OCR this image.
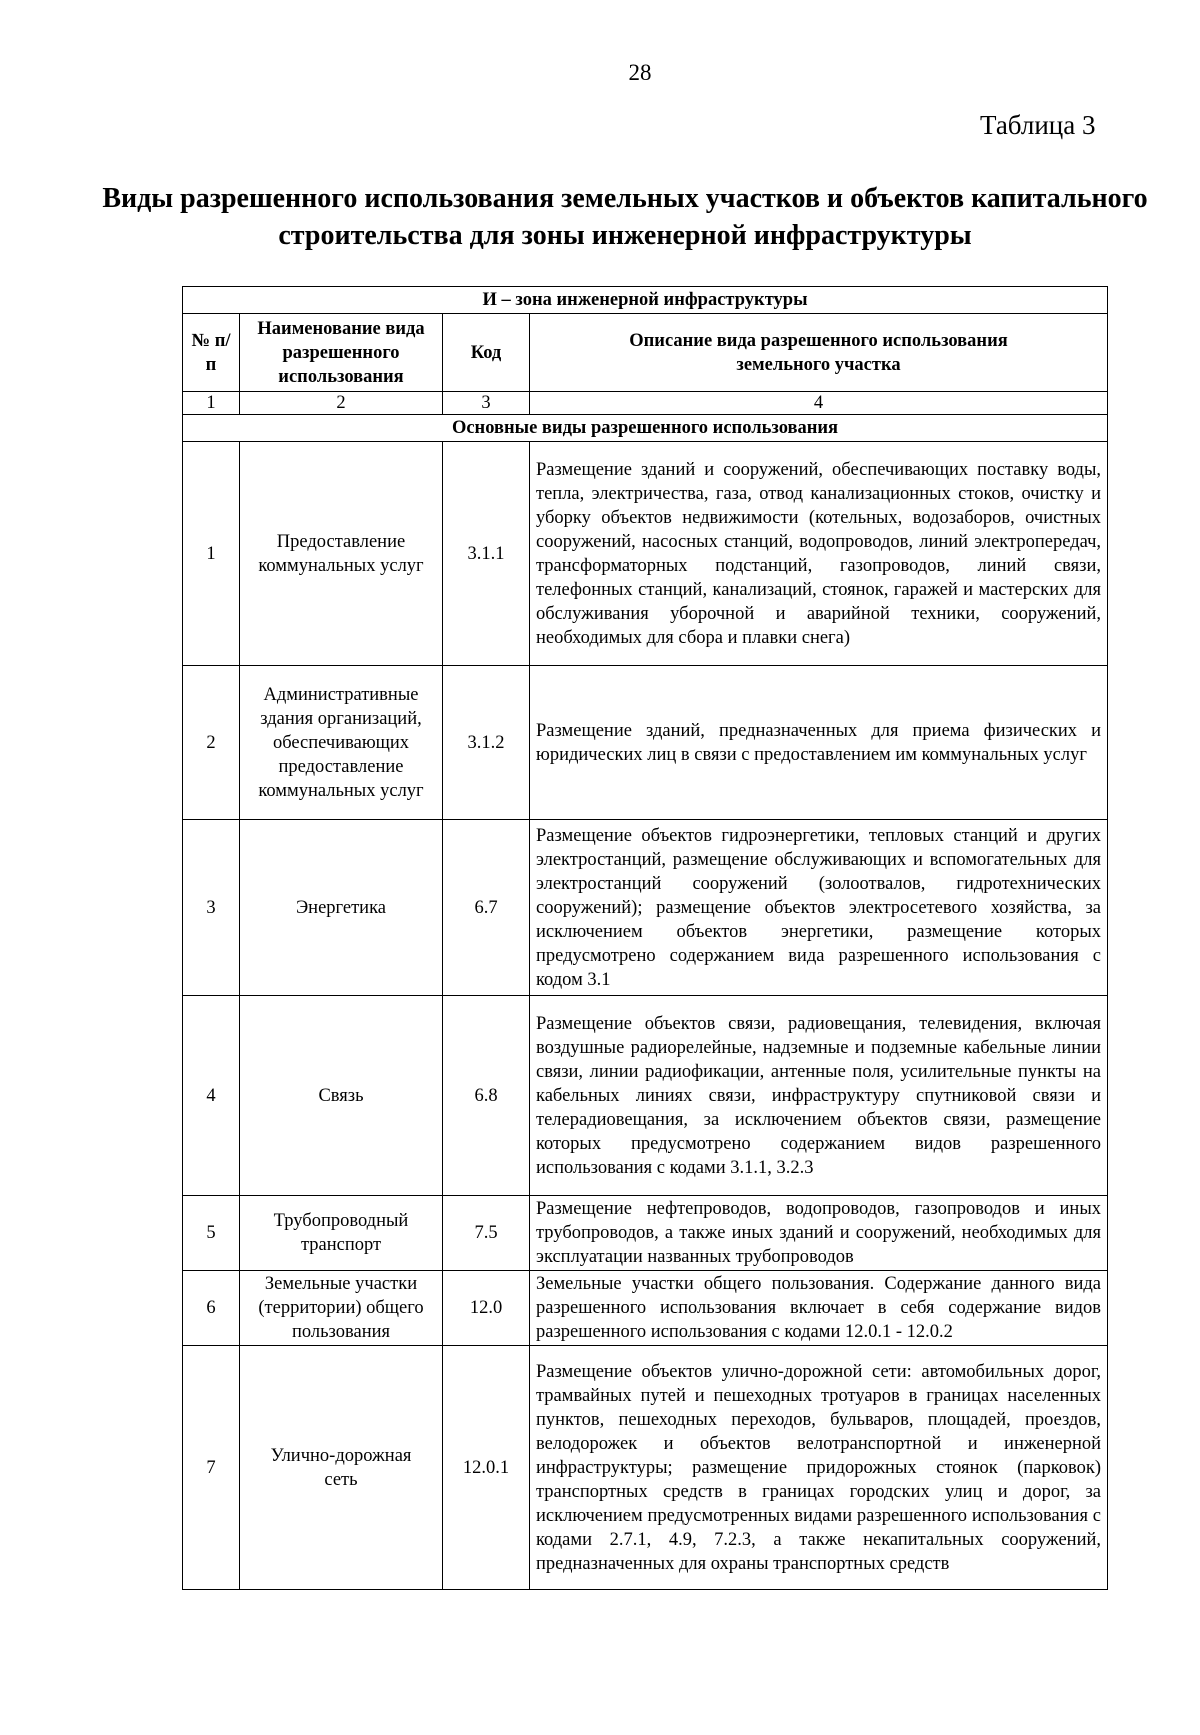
28
Таблица 3
Виды разрешенного использования земельных участков и объектов капитального строительства для зоны инженерной инфраструктуры
И – зона инженерной инфраструктуры			
№ п/п	Наименование вида разрешенного использования	Код	Описание вида разрешенного использования земельного участка
1	2	3	4
Основные виды разрешенного использования			
1	Предоставление коммунальных услуг	3.1.1	Размещение зданий и сооружений, обеспечивающих поставку воды, тепла, электричества, газа, отвод канализационных стоков, очистку и уборку объектов недвижимости (котельных, водозаборов, очистных сооружений, насосных станций, водопроводов, линий электропередач, трансформаторных подстанций, газопроводов, линий связи, телефонных станций, канализаций, стоянок, гаражей и мастерских для обслуживания уборочной и аварийной техники, сооружений, необходимых для сбора и плавки снега)
2	Административные здания организаций, обеспечивающих предоставление коммунальных услуг	3.1.2	Размещение зданий, предназначенных для приема физических и юридических лиц в связи с предоставлением им коммунальных услуг
3	Энергетика	6.7	Размещение объектов гидроэнергетики, тепловых станций и других электростанций, размещение обслуживающих и вспомогательных для электростанций сооружений (золоотвалов, гидротехнических сооружений); размещение объектов электросетевого хозяйства, за исключением объектов энергетики, размещение которых предусмотрено содержанием вида разрешенного использования с кодом 3.1
4	Связь	6.8	Размещение объектов связи, радиовещания, телевидения, включая воздушные радиорелейные, надземные и подземные кабельные линии связи, линии радиофикации, антенные поля, усилительные пункты на кабельных линиях связи, инфраструктуру спутниковой связи и телерадиовещания, за исключением объектов связи, размещение которых предусмотрено содержанием видов разрешенного использования с кодами 3.1.1, 3.2.3
5	Трубопроводный транспорт	7.5	Размещение нефтепроводов, водопроводов, газопроводов и иных трубопроводов, а также иных зданий и сооружений, необходимых для эксплуатации названных трубопроводов
6	Земельные участки (территории) общего пользования	12.0	Земельные участки общего пользования. Содержание данного вида разрешенного использования включает в себя содержание видов разрешенного использования с кодами 12.0.1 - 12.0.2
7	Улично-дорожная сеть	12.0.1	Размещение объектов улично-дорожной сети: автомобильных дорог, трамвайных путей и пешеходных тротуаров в границах населенных пунктов, пешеходных переходов, бульваров, площадей, проездов, велодорожек и объектов велотранспортной и инженерной инфраструктуры; размещение придорожных стоянок (парковок) транспортных средств в границах городских улиц и дорог, за исключением предусмотренных видами разрешенного использования с кодами 2.7.1, 4.9, 7.2.3, а также некапитальных сооружений, предназначенных для охраны транспортных средств
